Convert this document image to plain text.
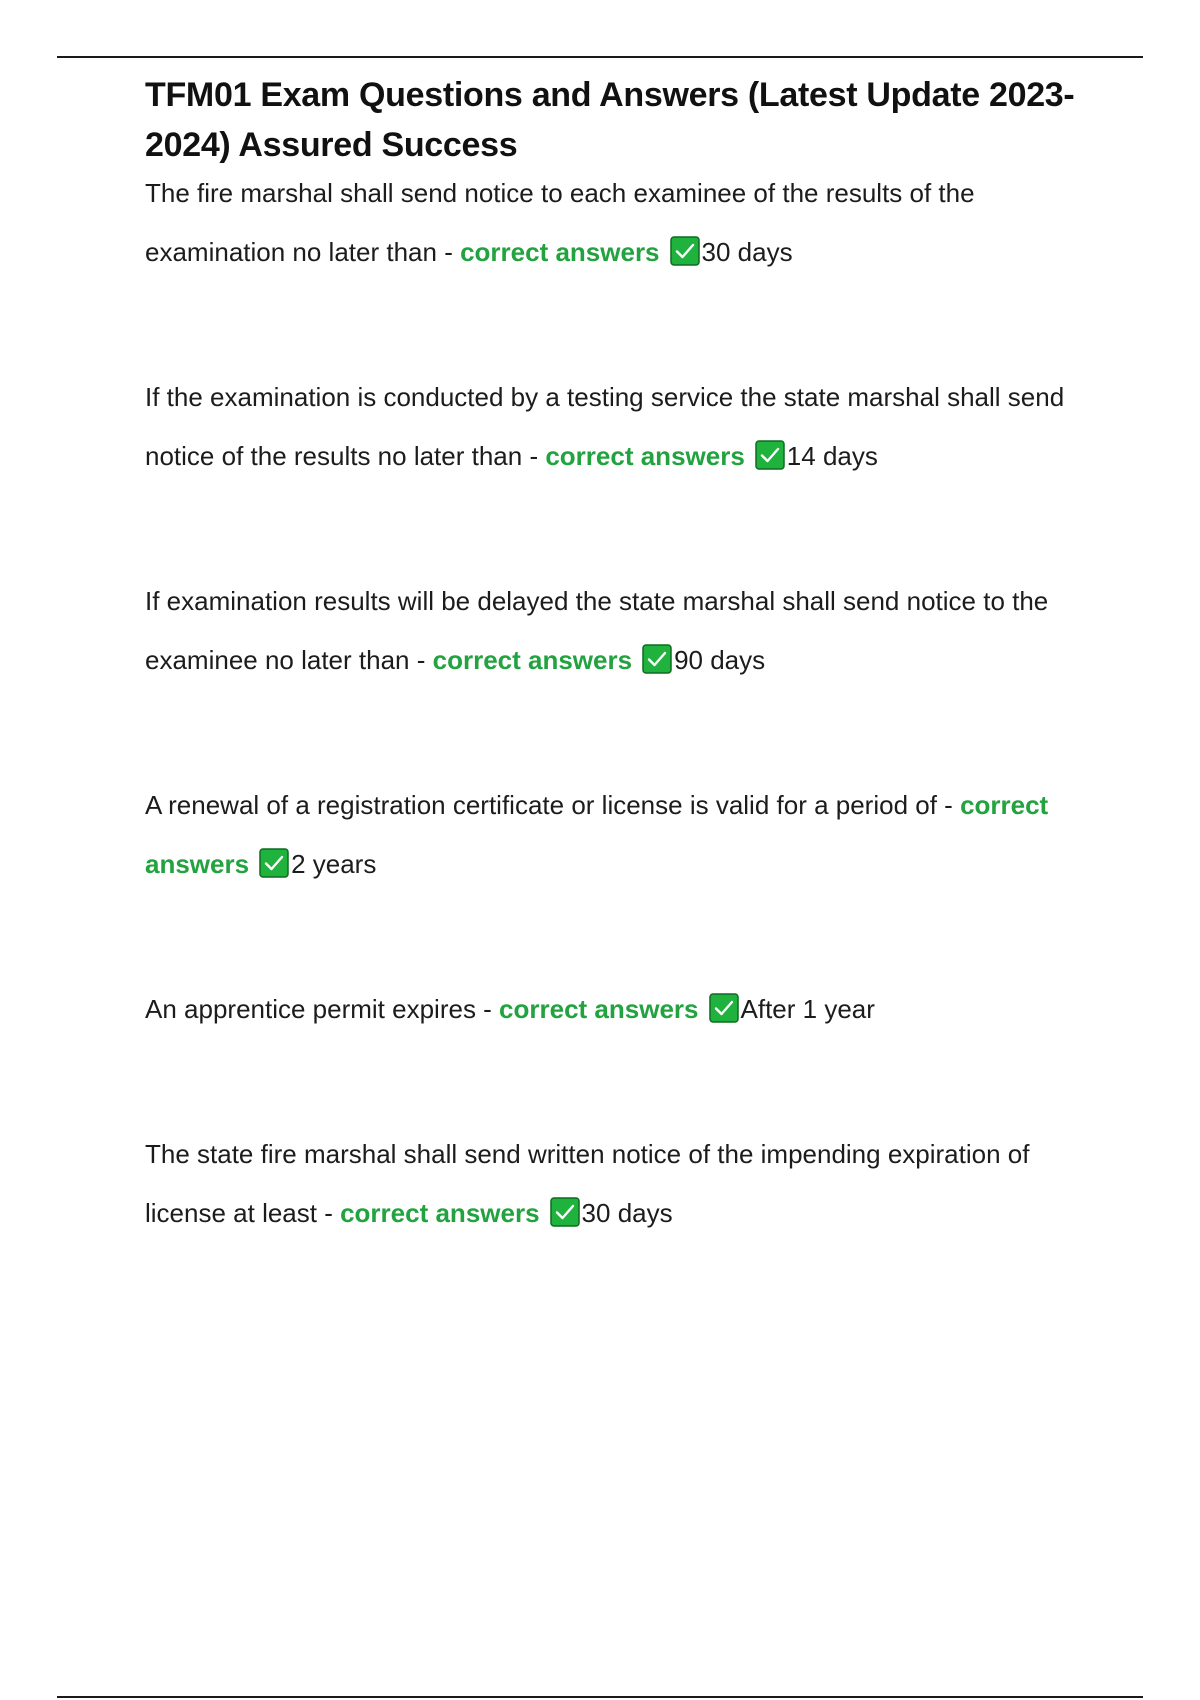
TFM01 Exam Questions and Answers (Latest Update 2023-2024) Assured Success

The fire marshal shall send notice to each examinee of the results of the examination no later than - correct answers 30 days

If the examination is conducted by a testing service the state marshal shall send notice of the results no later than - correct answers 14 days

If examination results will be delayed the state marshal shall send notice to the examinee no later than - correct answers 90 days

A renewal of a registration certificate or license is valid for a period of - correct answers 2 years

An apprentice permit expires - correct answers After 1 year

The state fire marshal shall send written notice of the impending expiration of license at least - correct answers 30 days
